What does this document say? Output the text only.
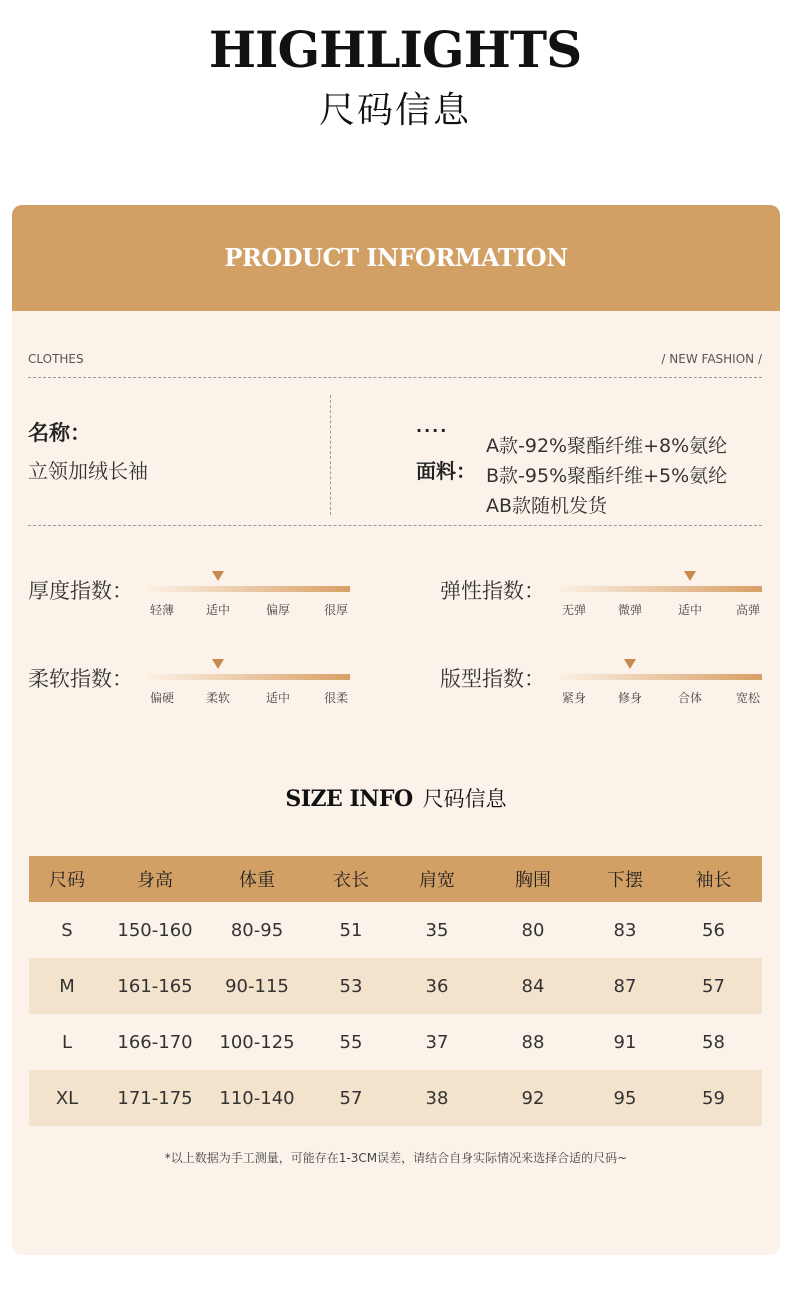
HIGHLIGHTS
尺码信息
PRODUCT INFORMATION
CLOTHES	/ NEW FASHION /
名称：
立领加绒长袖
····
面料：
A款-92%聚酯纤维+8%氨纶
B款-95%聚酯纤维+5%氨纶
AB款随机发货
厚度指数：
轻薄	适中	偏厚	很厚
弹性指数：
无弹	微弹	适中	高弹
柔软指数：
偏硬	柔软	适中	很柔
版型指数：
紧身	修身	合体	宽松
SIZE INFO 尺码信息
尺码	身高	体重	衣长	肩宽	胸围	下摆	袖长
S	150-160	80-95	51	35	80	83	56
M	161-165	90-115	53	36	84	87	57
L	166-170	100-125	55	37	88	91	58
XL	171-175	110-140	57	38	92	95	59
*以上数据为手工测量，可能存在1-3CM误差，请结合自身实际情况来选择合适的尺码~
